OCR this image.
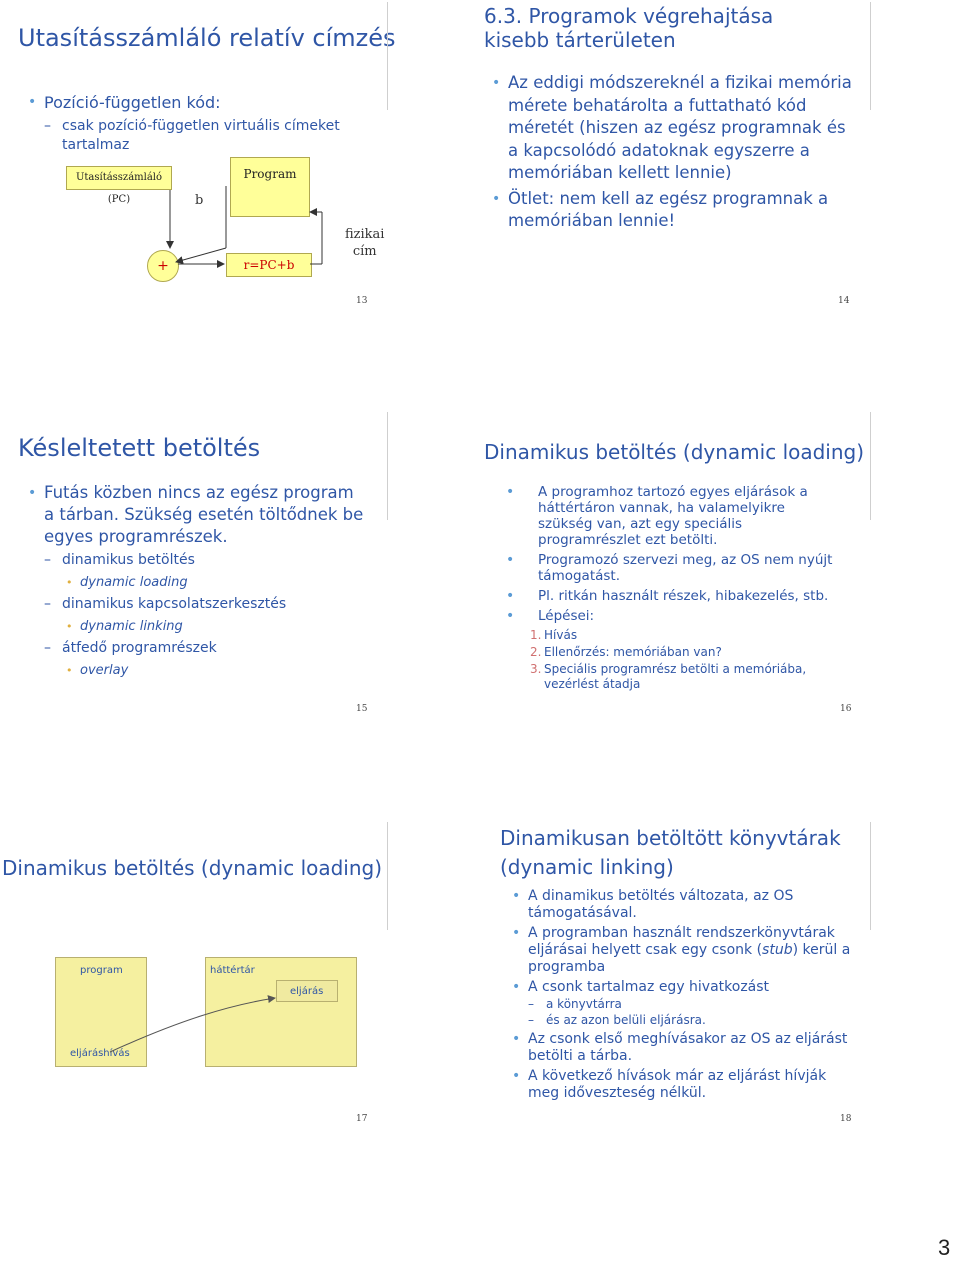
Utasításszámláló relatív címzés
• Pozíció-független kód:
– csak pozíció-független virtuális címeket tartalmaz
Utasításszámláló (PC)
Program
b
+	r=PC+b
fizikai
cím
13
6.3. Programok végrehajtása kisebb tárterületen
• Az eddigi módszereknél a fizikai memória mérete behatárolta a futtatható kód méretét (hiszen az egész programnak és a kapcsolódó adatoknak egyszerre a memóriában kellett lennie)
• Ötlet: nem kell az egész programnak a memóriában lennie!
14
Késleltetett betöltés
• Futás közben nincs az egész program a tárban. Szükség esetén töltődnek be egyes programrészek.
– dinamikus betöltés
• dynamic loading
– dinamikus kapcsolatszerkesztés
• dynamic linking
– átfedő programrészek
• overlay
15
Dinamikus betöltés (dynamic loading)
• A programhoz tartozó egyes eljárások a háttértáron vannak, ha valamelyikre szükség van, azt egy speciális programrészlet ezt betölti.
• Programozó szervezi meg, az OS nem nyújt támogatást.
• Pl. ritkán használt részek, hibakezelés, stb.
• Lépései:
1. Hívás
2. Ellenőrzés: memóriában van?
3. Speciális programrész betölti a memóriába, vezérlést átadja
16
Dinamikus betöltés (dynamic loading)
program
eljáráshívás
háttértár
eljárás
17
Dinamikusan betöltött könyvtárak (dynamic linking)
• A dinamikus betöltés változata, az OS támogatásával.
• A programban használt rendszerkönyvtárak eljárásai helyett csak egy csonk (stub) kerül a programba
• A csonk tartalmaz egy hivatkozást
– a könyvtárra
– és az azon belüli eljárásra.
• Az csonk első meghívásakor az OS az eljárást betölti a tárba.
• A következő hívások már az eljárást hívják meg időveszteség nélkül.
18
3
